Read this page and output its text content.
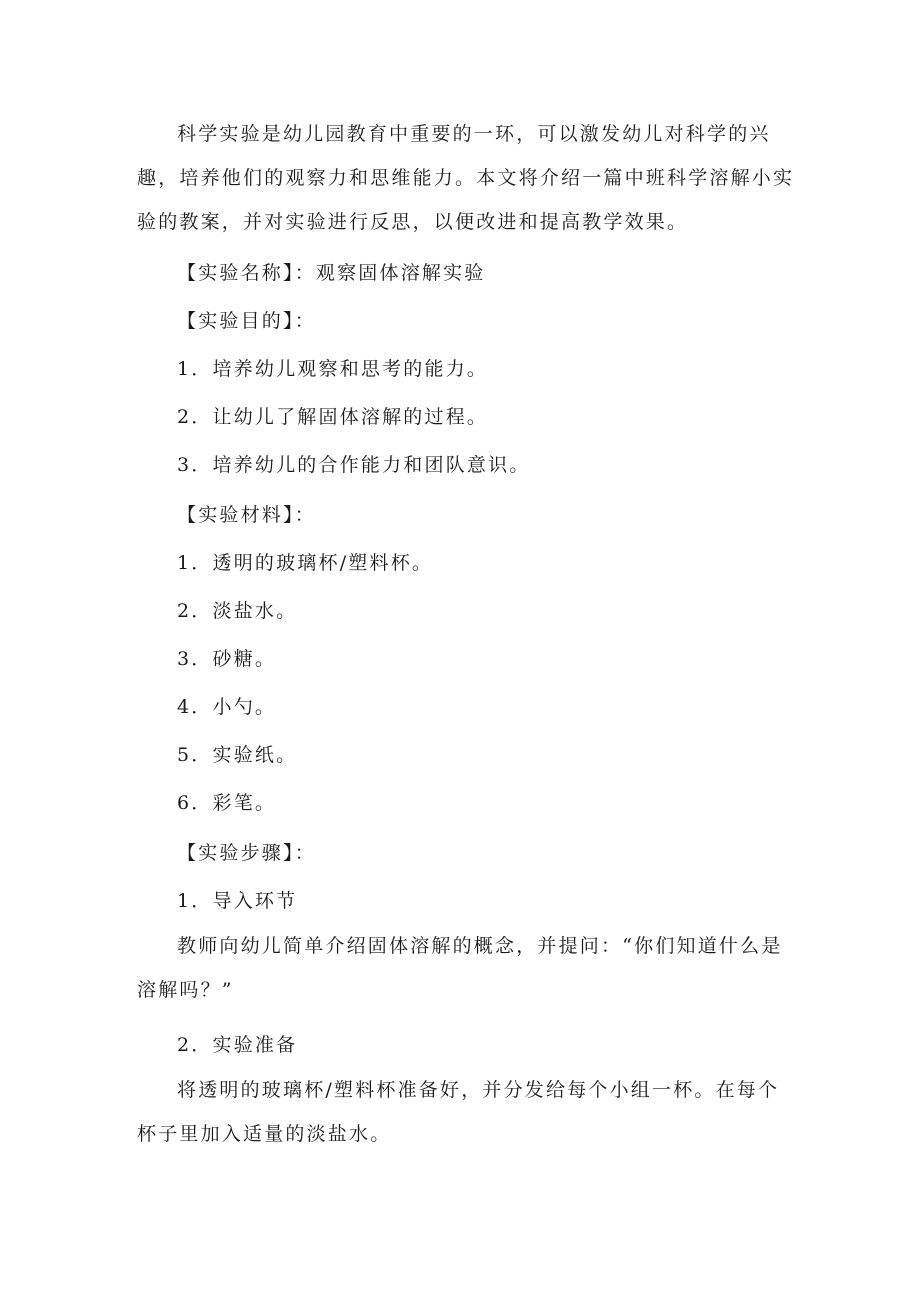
科学实验是幼儿园教育中重要的一环，可以激发幼儿对科学的兴趣，培养他们的观察力和思维能力。本文将介绍一篇中班科学溶解小实验的教案，并对实验进行反思，以便改进和提高教学效果。
【实验名称】：观察固体溶解实验
【实验目的】：
1．培养幼儿观察和思考的能力。
2．让幼儿了解固体溶解的过程。
3．培养幼儿的合作能力和团队意识。
【实验材料】：
1．透明的玻璃杯/塑料杯。
2．淡盐水。
3．砂糖。
4．小勺。
5．实验纸。
6．彩笔。
【实验步骤】：
1．导入环节
教师向幼儿简单介绍固体溶解的概念，并提问：“你们知道什么是溶解吗？”
2．实验准备
将透明的玻璃杯/塑料杯准备好，并分发给每个小组一杯。在每个杯子里加入适量的淡盐水。
